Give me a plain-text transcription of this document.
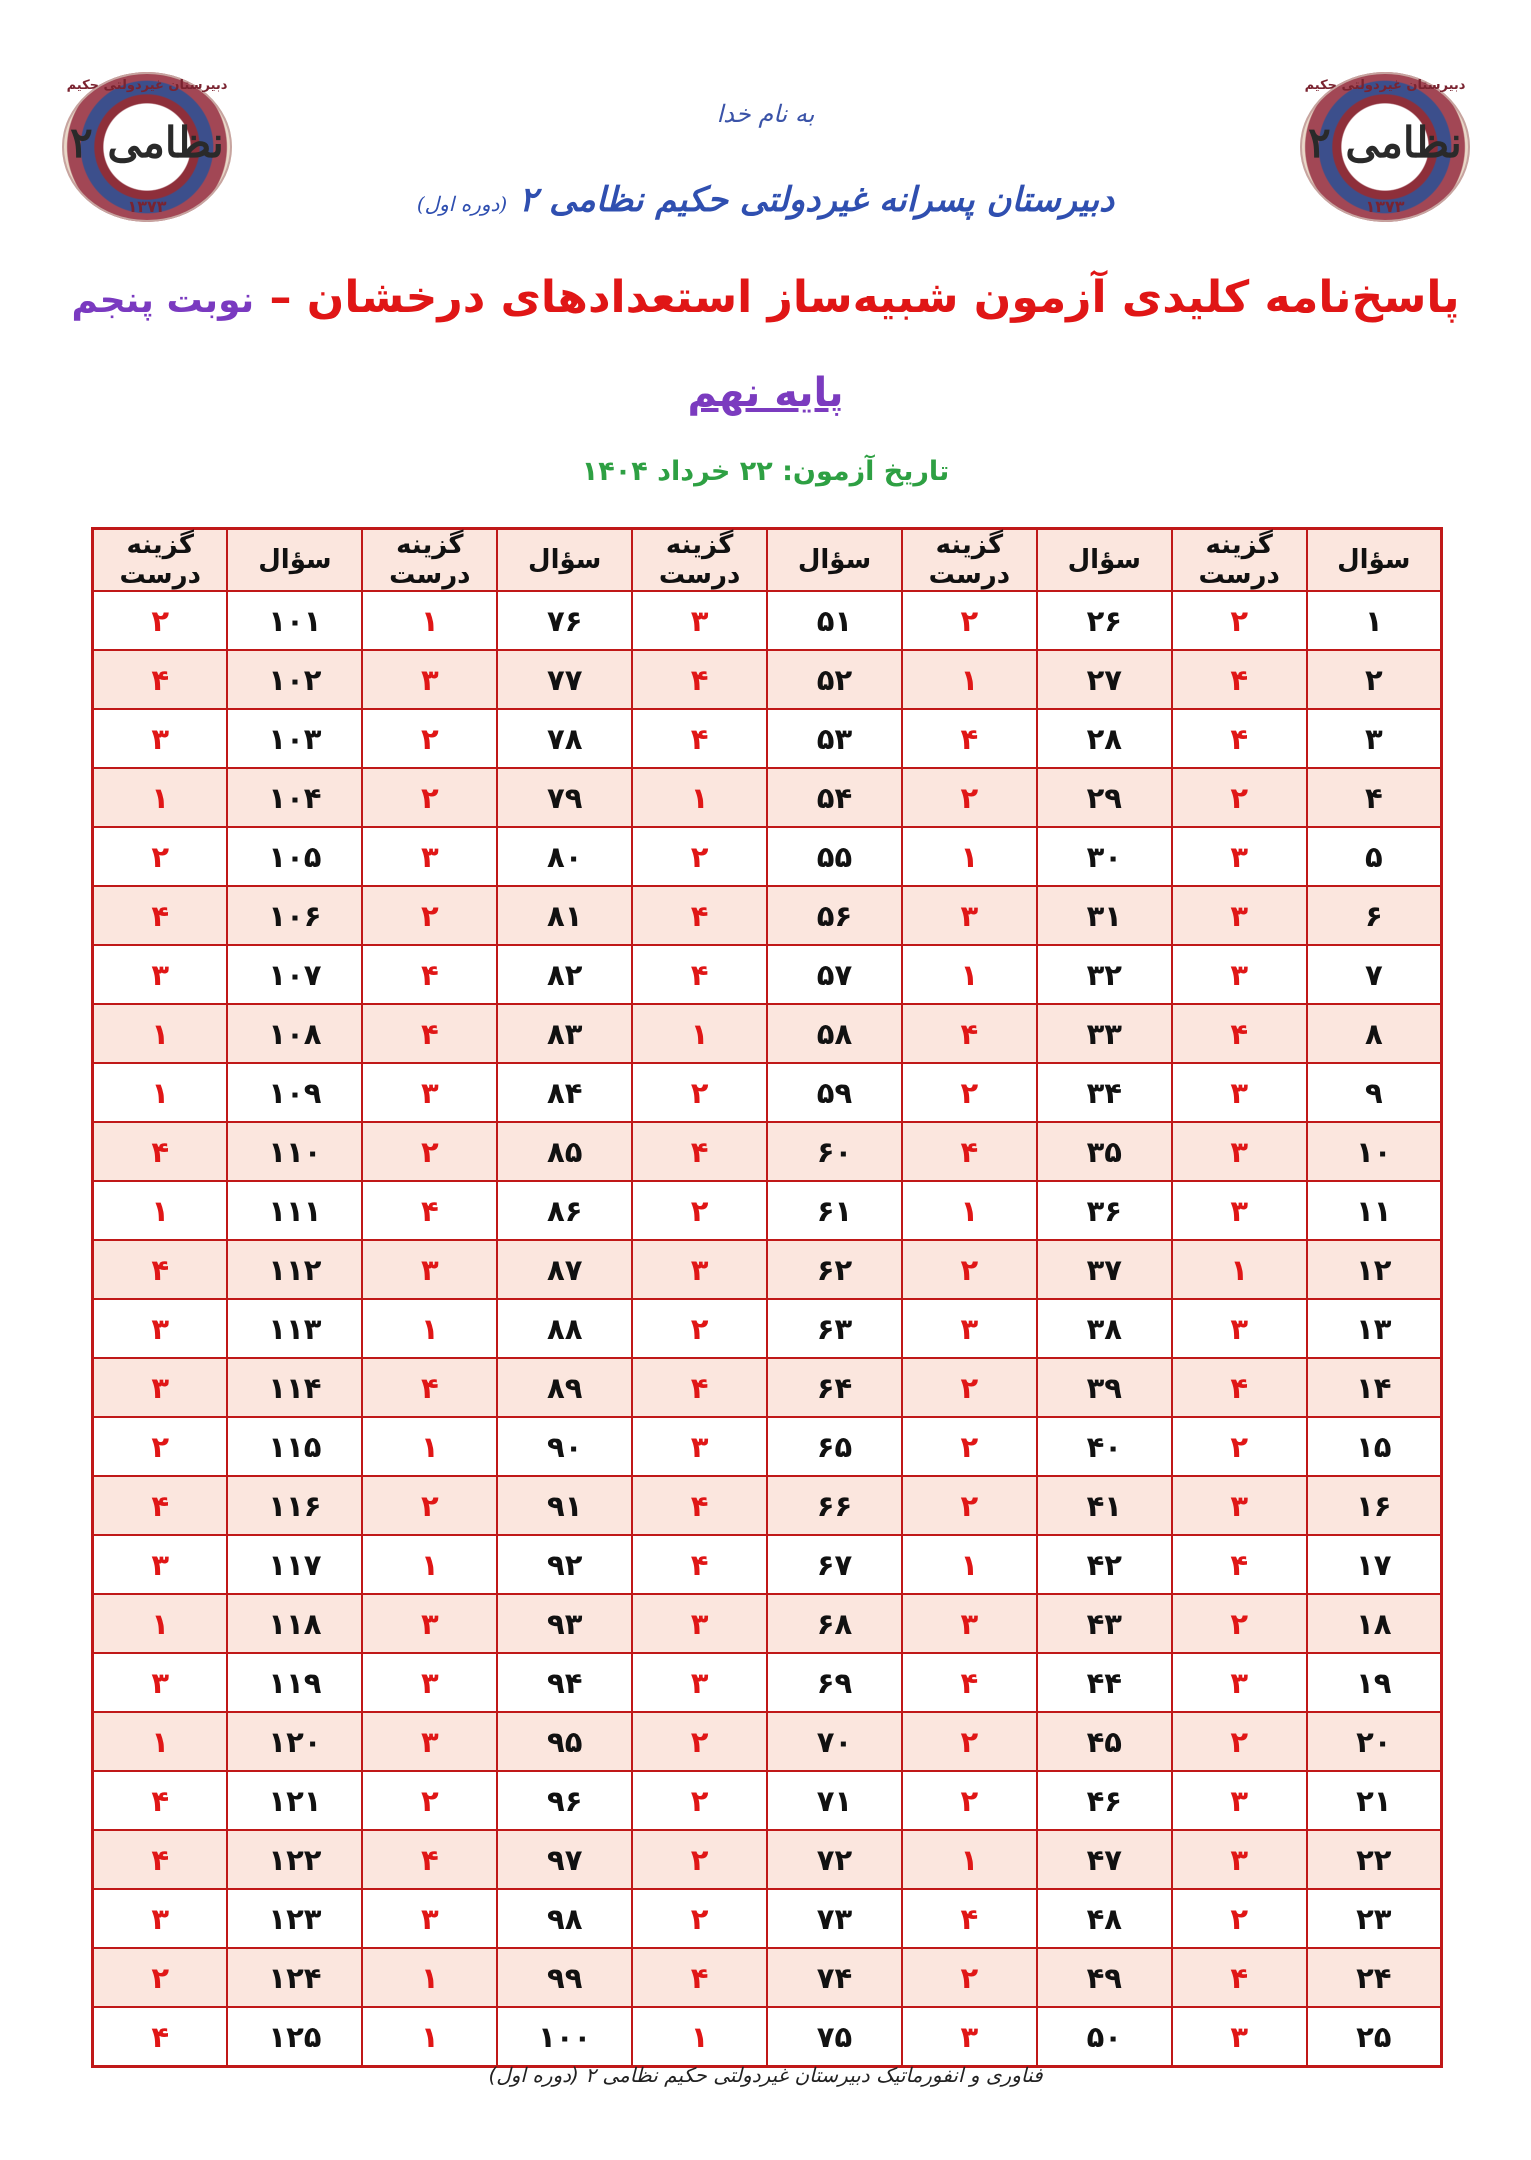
دبیرستان غیردولتی حکیم
نظامی ۲
۱۳۷۳
دبیرستان غیردولتی حکیم
نظامی ۲
۱۳۷۳
به نام خدا
دبیرستان پسرانه غیردولتی حکیم نظامی ۲ (دوره اول)
پاسخ‌نامه کلیدی آزمون شبیه‌ساز استعدادهای درخشان – نوبت پنجم
پایه نهم
تاریخ آزمون: ۲۲ خرداد ۱۴۰۴
سؤال	گزینه درست	سؤال	گزینه درست	سؤال	گزینه درست	سؤال	گزینه درست	سؤال	گزینه درست
۱	۲	۲۶	۲	۵۱	۳	۷۶	۱	۱۰۱	۲
۲	۴	۲۷	۱	۵۲	۴	۷۷	۳	۱۰۲	۴
۳	۴	۲۸	۴	۵۳	۴	۷۸	۲	۱۰۳	۳
۴	۲	۲۹	۲	۵۴	۱	۷۹	۲	۱۰۴	۱
۵	۳	۳۰	۱	۵۵	۲	۸۰	۳	۱۰۵	۲
۶	۳	۳۱	۳	۵۶	۴	۸۱	۲	۱۰۶	۴
۷	۳	۳۲	۱	۵۷	۴	۸۲	۴	۱۰۷	۳
۸	۴	۳۳	۴	۵۸	۱	۸۳	۴	۱۰۸	۱
۹	۳	۳۴	۲	۵۹	۲	۸۴	۳	۱۰۹	۱
۱۰	۳	۳۵	۴	۶۰	۴	۸۵	۲	۱۱۰	۴
۱۱	۳	۳۶	۱	۶۱	۲	۸۶	۴	۱۱۱	۱
۱۲	۱	۳۷	۲	۶۲	۳	۸۷	۳	۱۱۲	۴
۱۳	۳	۳۸	۳	۶۳	۲	۸۸	۱	۱۱۳	۳
۱۴	۴	۳۹	۲	۶۴	۴	۸۹	۴	۱۱۴	۳
۱۵	۲	۴۰	۲	۶۵	۳	۹۰	۱	۱۱۵	۲
۱۶	۳	۴۱	۲	۶۶	۴	۹۱	۲	۱۱۶	۴
۱۷	۴	۴۲	۱	۶۷	۴	۹۲	۱	۱۱۷	۳
۱۸	۲	۴۳	۳	۶۸	۳	۹۳	۳	۱۱۸	۱
۱۹	۳	۴۴	۴	۶۹	۳	۹۴	۳	۱۱۹	۳
۲۰	۲	۴۵	۲	۷۰	۲	۹۵	۳	۱۲۰	۱
۲۱	۳	۴۶	۲	۷۱	۲	۹۶	۲	۱۲۱	۴
۲۲	۳	۴۷	۱	۷۲	۲	۹۷	۴	۱۲۲	۴
۲۳	۲	۴۸	۴	۷۳	۲	۹۸	۳	۱۲۳	۳
۲۴	۴	۴۹	۲	۷۴	۴	۹۹	۱	۱۲۴	۲
۲۵	۳	۵۰	۳	۷۵	۱	۱۰۰	۱	۱۲۵	۴
فناوری و انفورماتیک دبیرستان غیردولتی حکیم نظامی ۲ (دوره اول)
